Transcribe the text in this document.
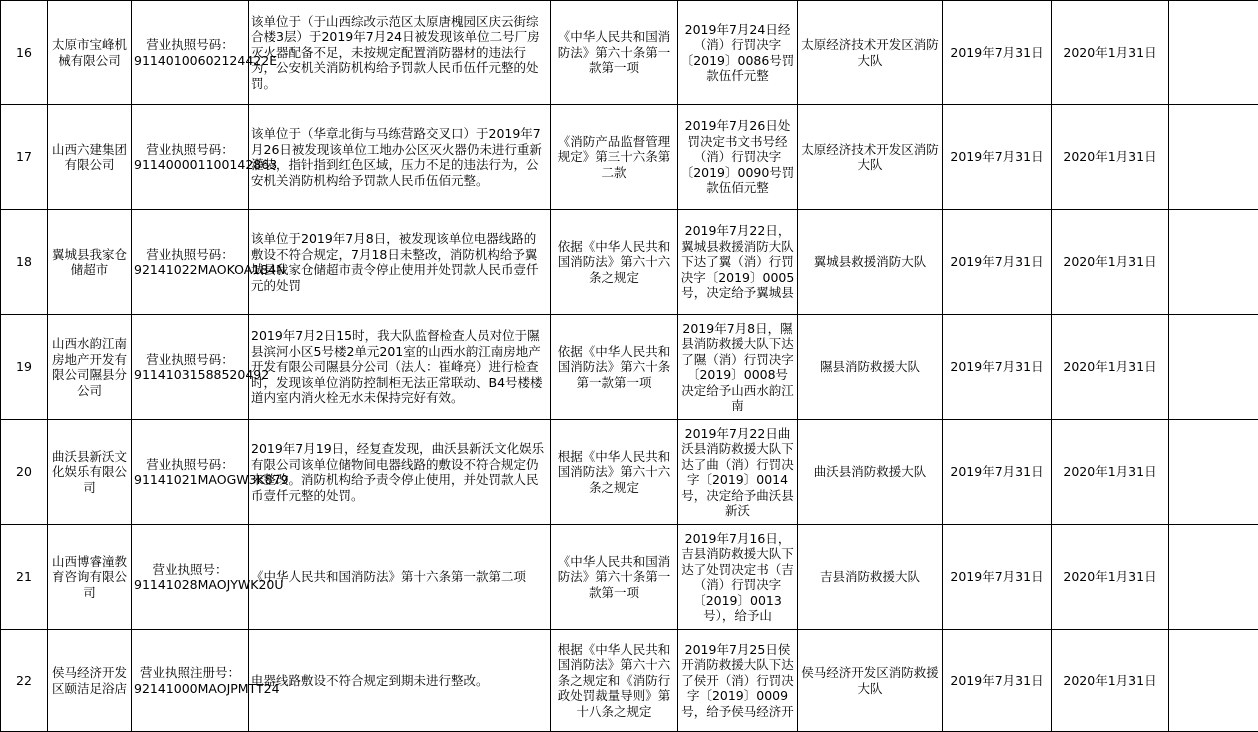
16	太原市宝峰机械有限公司	营业执照号码：91140100602124422E	该单位于（于山西综改示范区太原唐槐园区庆云街综合楼3层）于2019年7月24日被发现该单位二号厂房灭火器配备不足，未按规定配置消防器材的违法行为，公安机关消防机构给予罚款人民币伍仟元整的处罚。	《中华人民共和国消防法》第六十条第一款第一项	2019年7月24日经（消）行罚决字〔2019〕0086号罚款伍仟元整	太原经济技术开发区消防大队	2019年7月31日	2020年1月31日	

17	山西六建集团有限公司	营业执照号码：911400001100142863	该单位于（华章北街与马练营路交叉口）于2019年7月26日被发现该单位工地办公区灭火器仍未进行重新灌装，指针指到红色区域，压力不足的违法行为，公安机关消防机构给予罚款人民币伍佰元整。	《消防产品监督管理规定》第三十六条第二款	2019年7月26日处罚决定书文书号经（消）行罚决字〔2019〕0090号罚款伍佰元整	太原经济技术开发区消防大队	2019年7月31日	2020年1月31日	

18	翼城县我家仓储超市	营业执照号码：92141022MAOKOA184N	该单位于2019年7月8日，被发现该单位电器线路的敷设不符合规定，7月18日未整改，消防机构给予翼城县我家仓储超市责令停止使用并处罚款人民币壹仟元的处罚	依据《中华人民共和国消防法》第六十六条之规定	2019年7月22日，翼城县救援消防大队下达了翼（消）行罚决字〔2019〕0005号，决定给予翼城县	翼城县救援消防大队	2019年7月31日	2020年1月31日	

19	山西水韵江南房地产开发有限公司隰县分公司	营业执照号码：91141031588520492	2019年7月2日15时，我大队监督检查人员对位于隰县滨河小区5号楼2单元201室的山西水韵江南房地产开发有限公司隰县分公司（法人：崔峰亮）进行检查时，发现该单位消防控制柜无法正常联动、B4号楼楼道内室内消火栓无水未保持完好有效。	依据《中华人民共和国消防法》第六十条第一款第一项	2019年7月8日，隰县消防救援大队下达了隰（消）行罚决字〔2019〕0008号 决定给予山西水韵江南	隰县消防救援大队	2019年7月31日	2020年1月31日	

20	曲沃县新沃文化娱乐有限公司	营业执照号码：91141021MAOGW3K879	2019年7月19日，经复查发现，曲沃县新沃文化娱乐有限公司该单位储物间电器线路的敷设不符合规定仍未整改。消防机构给予责令停止使用，并处罚款人民币壹仟元整的处罚。	根据《中华人民共和国消防法》第六十六条之规定	2019年7月22日曲沃县消防救援大队下达了曲（消）行罚决字〔2019〕0014号，决定给予曲沃县新沃	曲沃县消防救援大队	2019年7月31日	2020年1月31日	

21	山西博睿潼教育咨询有限公司	营业执照号：91141028MAOJYWK20U	《中华人民共和国消防法》第十六条第一款第二项	《中华人民共和国消防法》第六十条第一款第一项	2019年7月16日，吉县消防救援大队下达了处罚决定书（吉（消）行罚决字〔2019〕0013号），给予山	吉县消防救援大队	2019年7月31日	2020年1月31日	

22	侯马经济开发区颐洁足浴店	营业执照注册号：92141000MAOJPMTT24	电器线路敷设不符合规定到期未进行整改。	根据《中华人民共和国消防法》第六十六条之规定和《消防行政处罚裁量导则》第十八条之规定	2019年7月25日侯开消防救援大队下达了侯开（消）行罚决字〔2019〕0009号，给予侯马经济开	侯马经济开发区消防救援大队	2019年7月31日	2020年1月31日	
